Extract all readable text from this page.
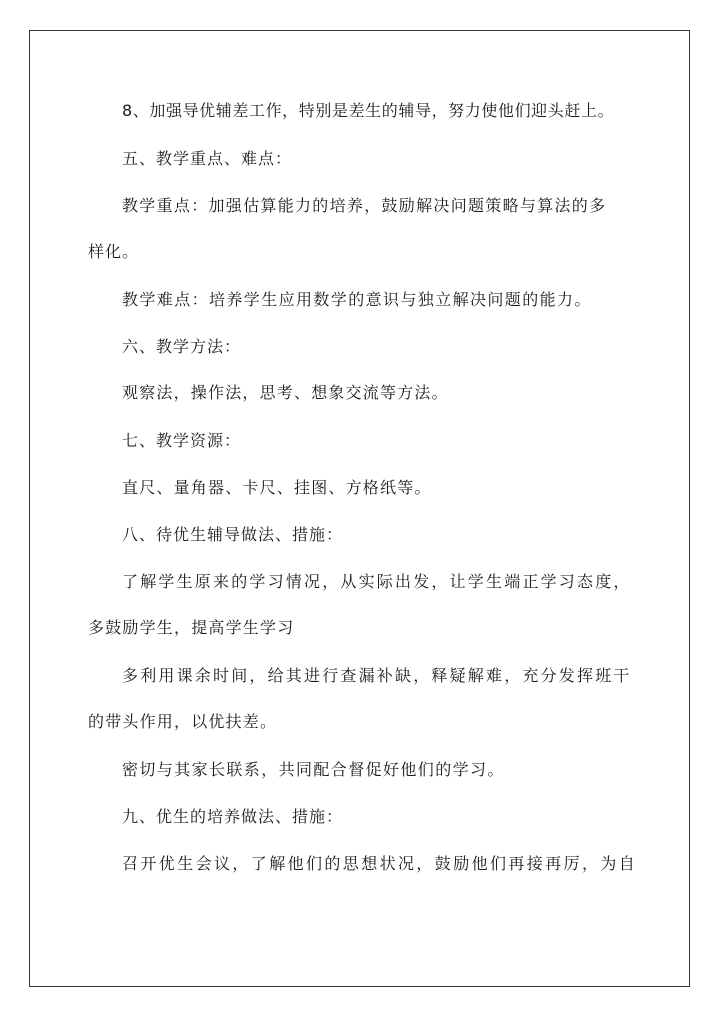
8、加强导优辅差工作，特别是差生的辅导，努力使他们迎头赶上。
五、教学重点、难点：
教学重点：加强估算能力的培养，鼓励解决问题策略与算法的多
样化。
教学难点：培养学生应用数学的意识与独立解决问题的能力。
六、教学方法：
观察法，操作法，思考、想象交流等方法。
七、教学资源：
直尺、量角器、卡尺、挂图、方格纸等。
八、待优生辅导做法、措施：
了解学生原来的学习情况，从实际出发，让学生端正学习态度，
多鼓励学生，提高学生学习
多利用课余时间，给其进行查漏补缺，释疑解难，充分发挥班干
的带头作用，以优扶差。
密切与其家长联系，共同配合督促好他们的学习。
九、优生的培养做法、措施：
召开优生会议，了解他们的思想状况，鼓励他们再接再厉，为自
